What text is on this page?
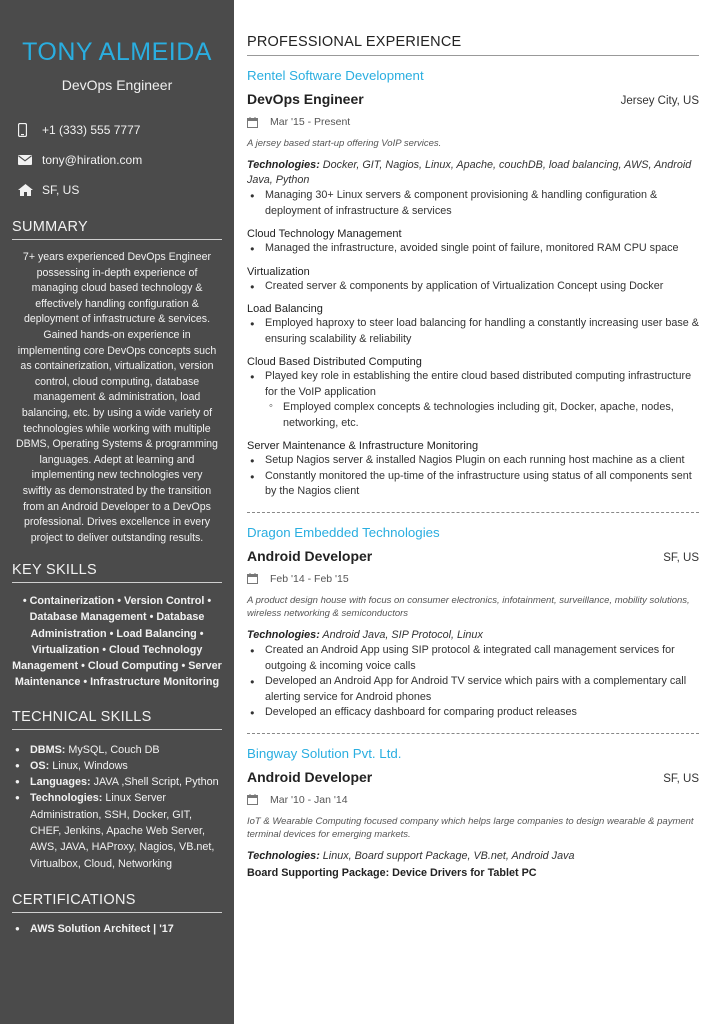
TONY ALMEIDA
DevOps Engineer
+1 (333) 555 7777
tony@hiration.com
SF, US
SUMMARY
7+ years experienced DevOps Engineer possessing in-depth experience of managing cloud based technology & effectively handling configuration & deployment of infrastructure & services. Gained hands-on experience in implementing core DevOps concepts such as containerization, virtualization, version control, cloud computing, database management & administration, load balancing, etc. by using a wide variety of technologies while working with multiple DBMS, Operating Systems & programming languages. Adept at learning and implementing new technologies very swiftly as demonstrated by the transition from an Android Developer to a DevOps professional. Drives excellence in every project to deliver outstanding results.
KEY SKILLS
• Containerization • Version Control • Database Management • Database Administration • Load Balancing • Virtualization • Cloud Technology Management • Cloud Computing • Server Maintenance • Infrastructure Monitoring
TECHNICAL SKILLS
● DBMS: MySQL, Couch DB
● OS: Linux, Windows
● Languages: JAVA ,Shell Script, Python
● Technologies: Linux Server Administration, SSH, Docker, GIT, CHEF, Jenkins, Apache Web Server, AWS, JAVA, HAProxy, Nagios, VB.net, Virtualbox, Cloud, Networking
CERTIFICATIONS
● AWS Solution Architect | '17
PROFESSIONAL EXPERIENCE
Rentel Software Development
DevOps Engineer	Jersey City, US
Mar '15 - Present
A jersey based start-up offering VoIP services.
Technologies: Docker, GIT, Nagios, Linux, Apache, couchDB, load balancing, AWS, Android Java, Python
● Managing 30+ Linux servers & component provisioning & handling configuration & deployment of infrastructure & services
Cloud Technology Management
● Managed the infrastructure, avoided single point of failure, monitored RAM CPU space
Virtualization
● Created server & components by application of Virtualization Concept using Docker
Load Balancing
● Employed haproxy to steer load balancing for handling a constantly increasing user base & ensuring scalability & reliability
Cloud Based Distributed Computing
● Played key role in establishing the entire cloud based distributed computing infrastructure for the VoIP application
◦ Employed complex concepts & technologies including git, Docker, apache, nodes, networking, etc.
Server Maintenance & Infrastructure Monitoring
● Setup Nagios server & installed Nagios Plugin on each running host machine as a client
● Constantly monitored the up-time of the infrastructure using status of all components sent by the Nagios client
Dragon Embedded Technologies
Android Developer	SF, US
Feb '14 - Feb '15
A product design house with focus on consumer electronics, infotainment, surveillance, mobility solutions, wireless networking & semiconductors
Technologies: Android Java, SIP Protocol, Linux
● Created an Android App using SIP protocol & integrated call management services for outgoing & incoming voice calls
● Developed an Android App for Android TV service which pairs with a complementary call alerting service for Android phones
● Developed an efficacy dashboard for comparing product releases
Bingway Solution Pvt. Ltd.
Android Developer	SF, US
Mar '10 - Jan '14
IoT & Wearable Computing focused company which helps large companies to design wearable & payment terminal devices for emerging markets.
Technologies: Linux, Board support Package, VB.net, Android Java
Board Supporting Package: Device Drivers for Tablet PC
